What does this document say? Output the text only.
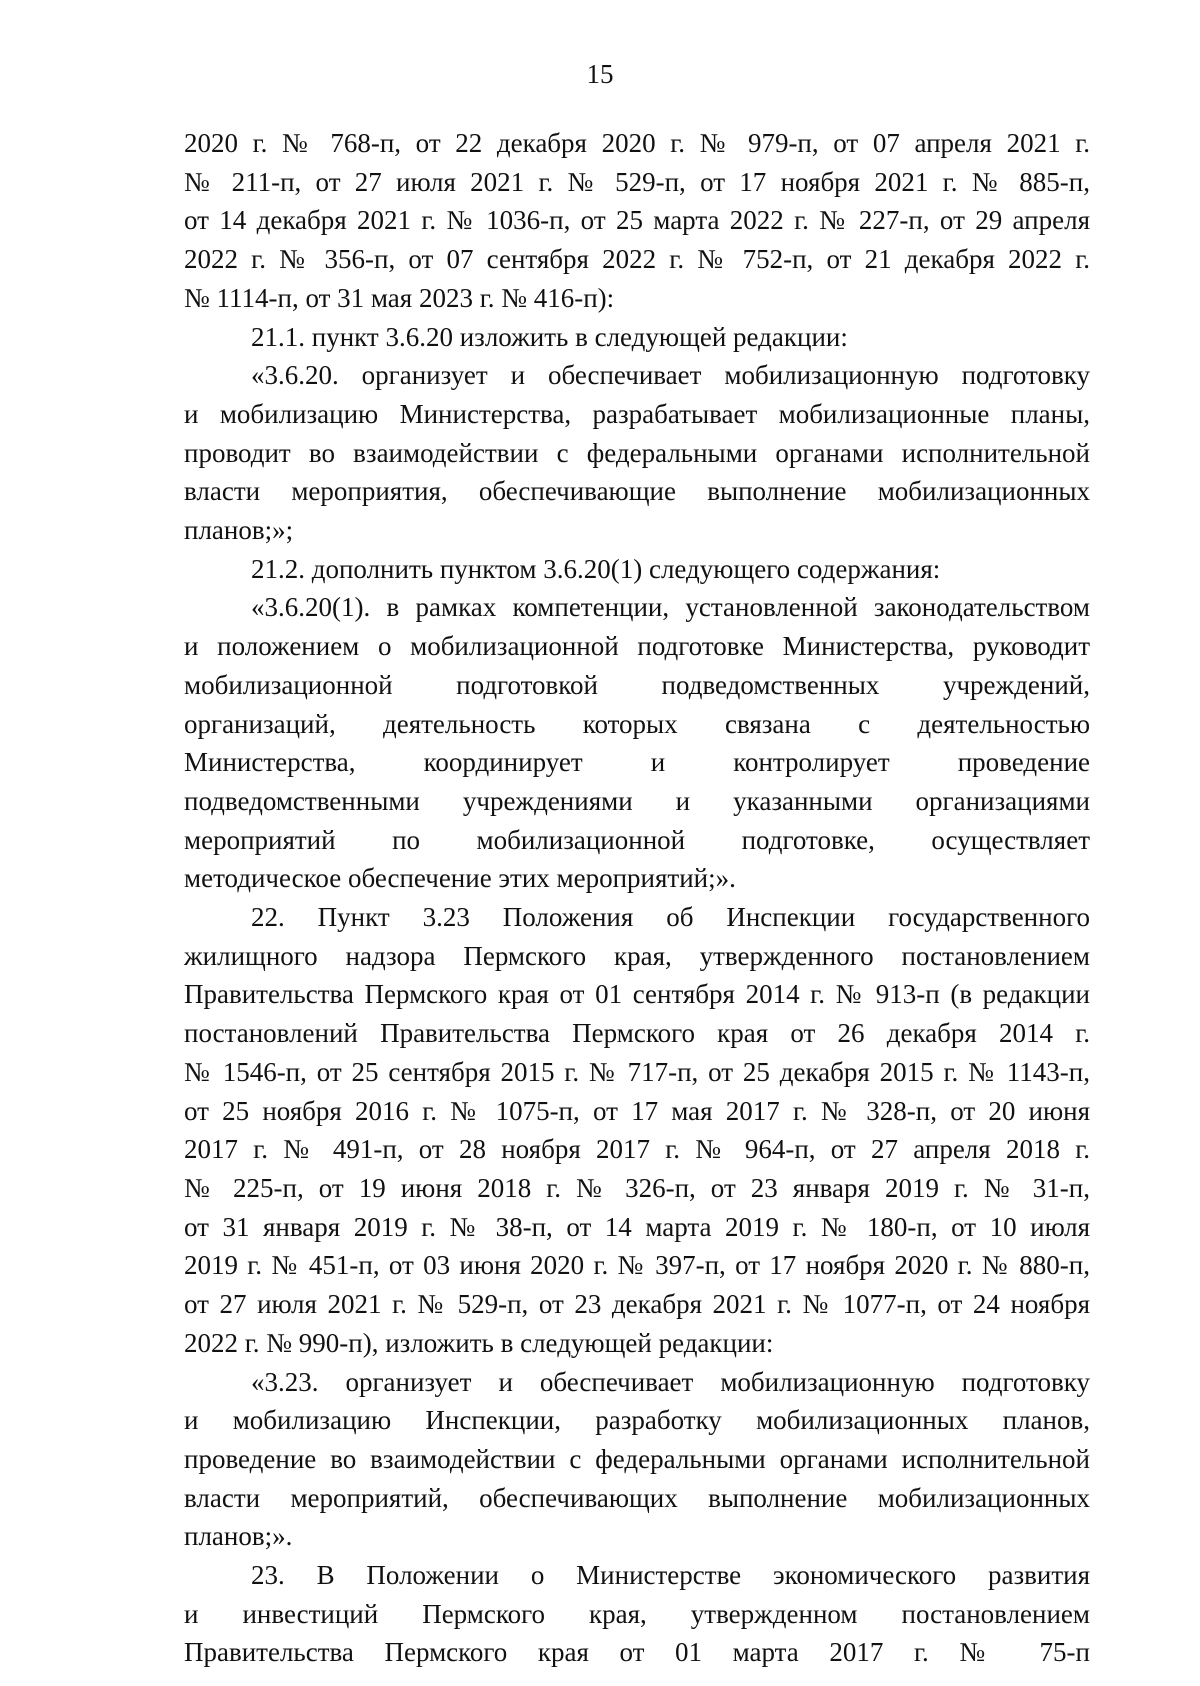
15
2020 г. № 768-п, от 22 декабря 2020 г. № 979-п, от 07 апреля 2021 г.
№ 211-п, от 27 июля 2021 г. № 529-п, от 17 ноября 2021 г. № 885-п,
от 14 декабря 2021 г. № 1036-п, от 25 марта 2022 г. № 227-п, от 29 апреля
2022 г. № 356-п, от 07 сентября 2022 г. № 752-п, от 21 декабря 2022 г.
№ 1114-п, от 31 мая 2023 г. № 416-п):
21.1. пункт 3.6.20 изложить в следующей редакции:
«3.6.20. организует и обеспечивает мобилизационную подготовку
и мобилизацию Министерства, разрабатывает мобилизационные планы,
проводит во взаимодействии с федеральными органами исполнительной
власти мероприятия, обеспечивающие выполнение мобилизационных
планов;»;
21.2. дополнить пунктом 3.6.20(1) следующего содержания:
«3.6.20(1). в рамках компетенции, установленной законодательством
и положением о мобилизационной подготовке Министерства, руководит
мобилизационной подготовкой подведомственных учреждений,
организаций, деятельность которых связана с деятельностью
Министерства, координирует и контролирует проведение
подведомственными учреждениями и указанными организациями
мероприятий по мобилизационной подготовке, осуществляет
методическое обеспечение этих мероприятий;».
22. Пункт 3.23 Положения об Инспекции государственного
жилищного надзора Пермского края, утвержденного постановлением
Правительства Пермского края от 01 сентября 2014 г. № 913-п (в редакции
постановлений Правительства Пермского края от 26 декабря 2014 г.
№ 1546-п, от 25 сентября 2015 г. № 717-п, от 25 декабря 2015 г. № 1143-п,
от 25 ноября 2016 г. № 1075-п, от 17 мая 2017 г. № 328-п, от 20 июня
2017 г. № 491-п, от 28 ноября 2017 г. № 964-п, от 27 апреля 2018 г.
№ 225-п, от 19 июня 2018 г. № 326-п, от 23 января 2019 г. № 31-п,
от 31 января 2019 г. № 38-п, от 14 марта 2019 г. № 180-п, от 10 июля
2019 г. № 451-п, от 03 июня 2020 г. № 397-п, от 17 ноября 2020 г. № 880-п,
от 27 июля 2021 г. № 529-п, от 23 декабря 2021 г. № 1077-п, от 24 ноября
2022 г. № 990-п), изложить в следующей редакции:
«3.23. организует и обеспечивает мобилизационную подготовку
и мобилизацию Инспекции, разработку мобилизационных планов,
проведение во взаимодействии с федеральными органами исполнительной
власти мероприятий, обеспечивающих выполнение мобилизационных
планов;».
23. В Положении о Министерстве экономического развития
и инвестиций Пермского края, утвержденном постановлением
Правительства Пермского края от 01 марта 2017 г. № 75-п
